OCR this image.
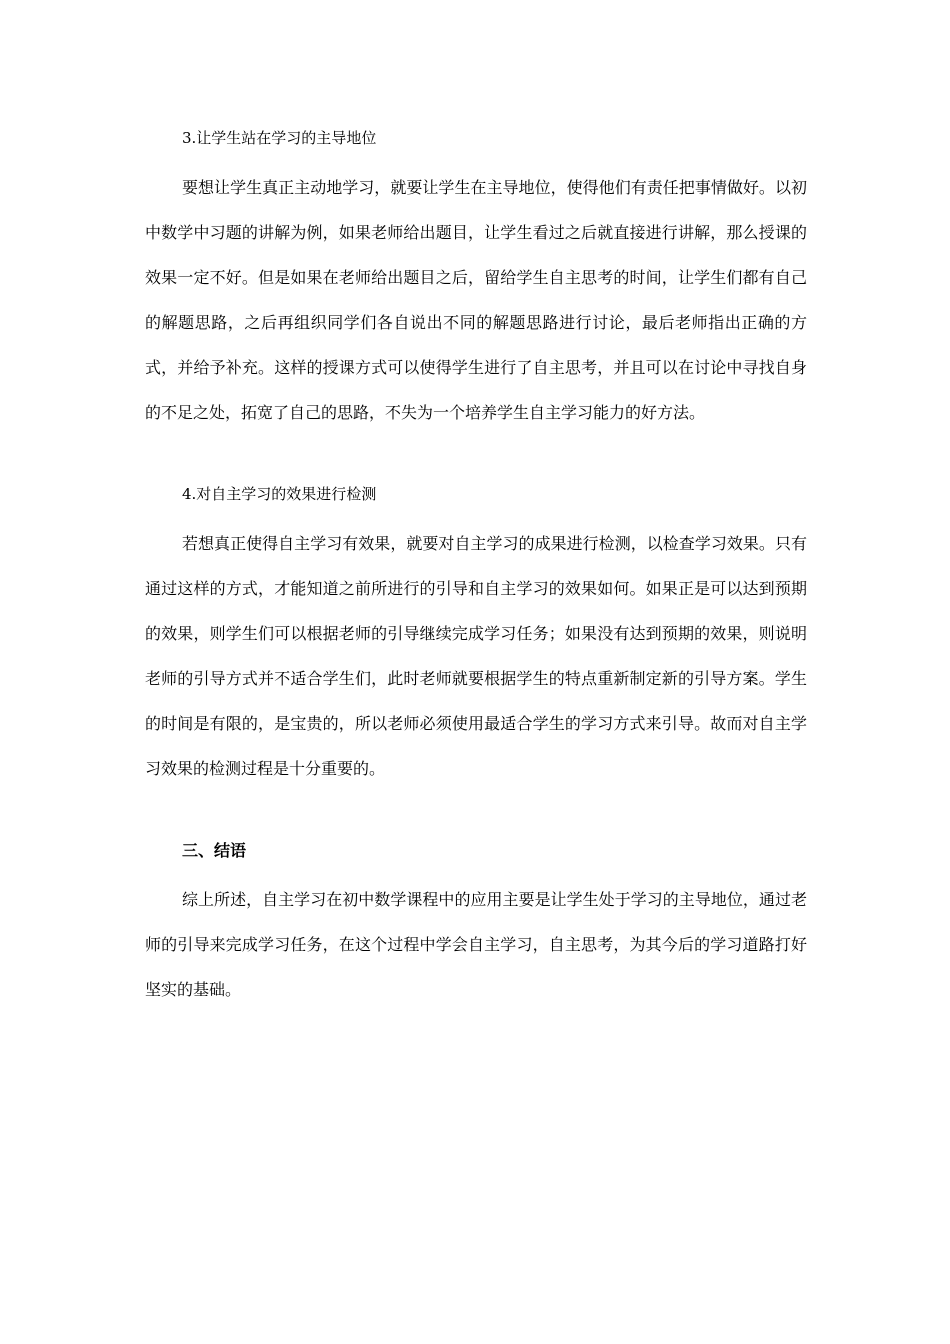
3.让学生站在学习的主导地位
要想让学生真正主动地学习，就要让学生在主导地位，使得他们有责任把事情做好。以初中数学中习题的讲解为例，如果老师给出题目，让学生看过之后就直接进行讲解，那么授课的效果一定不好。但是如果在老师给出题目之后，留给学生自主思考的时间，让学生们都有自己的解题思路，之后再组织同学们各自说出不同的解题思路进行讨论，最后老师指出正确的方式，并给予补充。这样的授课方式可以使得学生进行了自主思考，并且可以在讨论中寻找自身的不足之处，拓宽了自己的思路，不失为一个培养学生自主学习能力的好方法。
4.对自主学习的效果进行检测
若想真正使得自主学习有效果，就要对自主学习的成果进行检测，以检查学习效果。只有通过这样的方式，才能知道之前所进行的引导和自主学习的效果如何。如果正是可以达到预期的效果，则学生们可以根据老师的引导继续完成学习任务；如果没有达到预期的效果，则说明老师的引导方式并不适合学生们，此时老师就要根据学生的特点重新制定新的引导方案。学生的时间是有限的，是宝贵的，所以老师必须使用最适合学生的学习方式来引导。故而对自主学习效果的检测过程是十分重要的。
三、结语
综上所述，自主学习在初中数学课程中的应用主要是让学生处于学习的主导地位，通过老师的引导来完成学习任务，在这个过程中学会自主学习，自主思考，为其今后的学习道路打好坚实的基础。
